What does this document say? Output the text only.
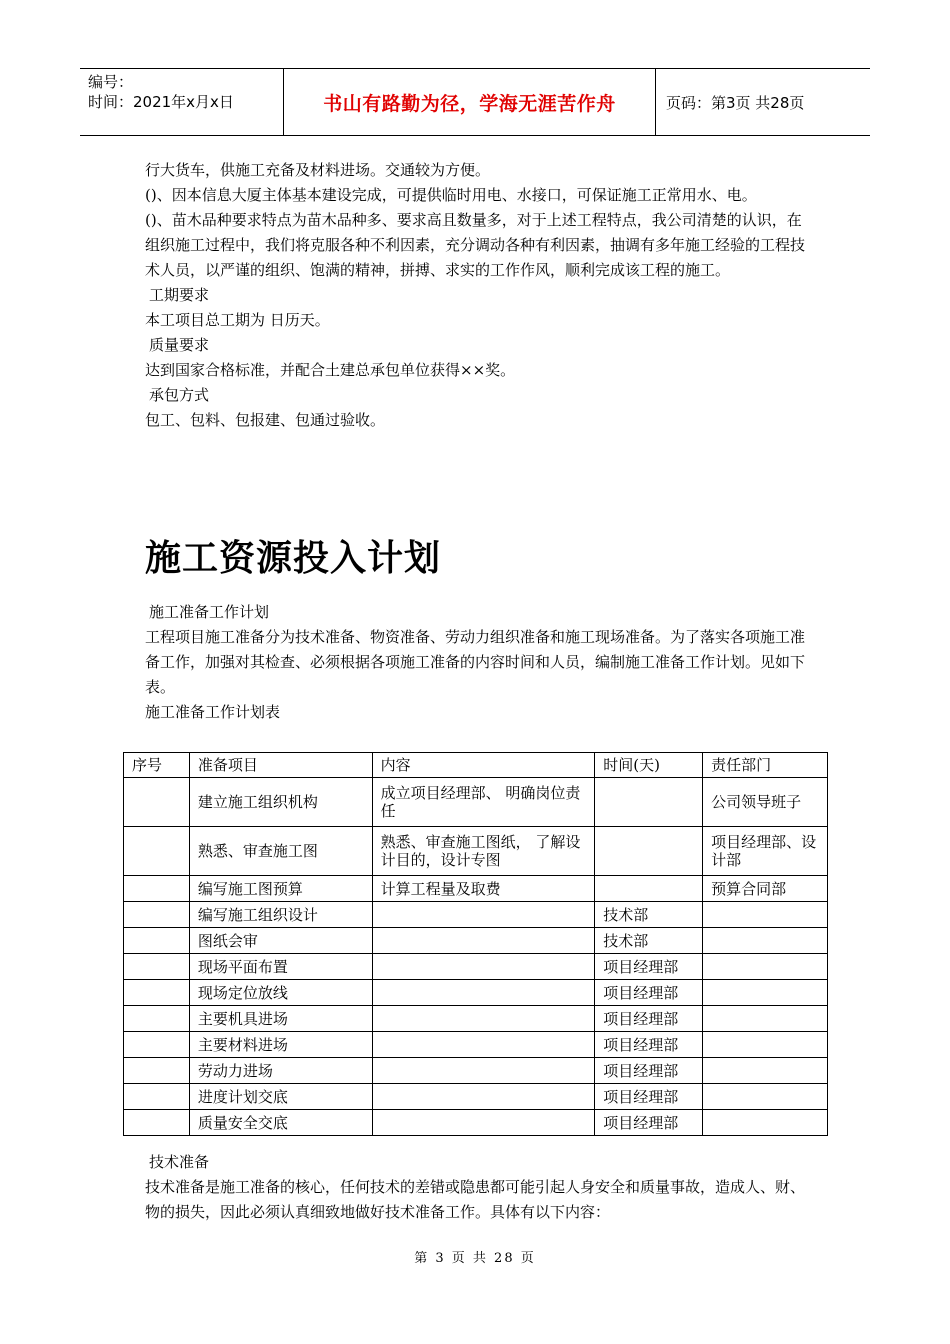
编号：
时间：2021年x月x日	书山有路勤为径，学海无涯苦作舟	页码：第3页 共28页

行大货车，供施工充备及材料进场。交通较为方便。

()、因本信息大厦主体基本建设完成，可提供临时用电、水接口，可保证施工正常用水、电。

()、苗木品种要求特点为苗木品种多、要求高且数量多，对于上述工程特点，我公司清楚的认识，在组织施工过程中，我们将克服各种不利因素，充分调动各种有利因素，抽调有多年施工经验的工程技术人员，以严谨的组织、饱满的精神，拼搏、求实的工作作风，顺利完成该工程的施工。

工期要求

本工项目总工期为 日历天。

质量要求

达到国家合格标准，并配合土建总承包单位获得××奖。

承包方式

包工、包料、包报建、包通过验收。

施工资源投入计划

施工准备工作计划

工程项目施工准备分为技术准备、物资准备、劳动力组织准备和施工现场准备。为了落实各项施工准备工作，加强对其检查、必须根据各项施工准备的内容时间和人员，编制施工准备工作计划。见如下表。

施工准备工作计划表

序号	准备项目	内容	时间(天)	责任部门
	建立施工组织机构	成立项目经理部、 明确岗位责任		公司领导班子
	熟悉、审查施工图	熟悉、审查施工图纸， 了解设计目的，设计专图		项目经理部、设计部
	编写施工图预算	计算工程量及取费		预算合同部
	编写施工组织设计		技术部	
	图纸会审		技术部	
	现场平面布置		项目经理部	
	现场定位放线		项目经理部	
	主要机具进场		项目经理部	
	主要材料进场		项目经理部	
	劳动力进场		项目经理部	
	进度计划交底		项目经理部	
	质量安全交底		项目经理部	

技术准备

技术准备是施工准备的核心，任何技术的差错或隐患都可能引起人身安全和质量事故，造成人、财、物的损失，因此必须认真细致地做好技术准备工作。具体有以下内容：

第 3 页 共 28 页
